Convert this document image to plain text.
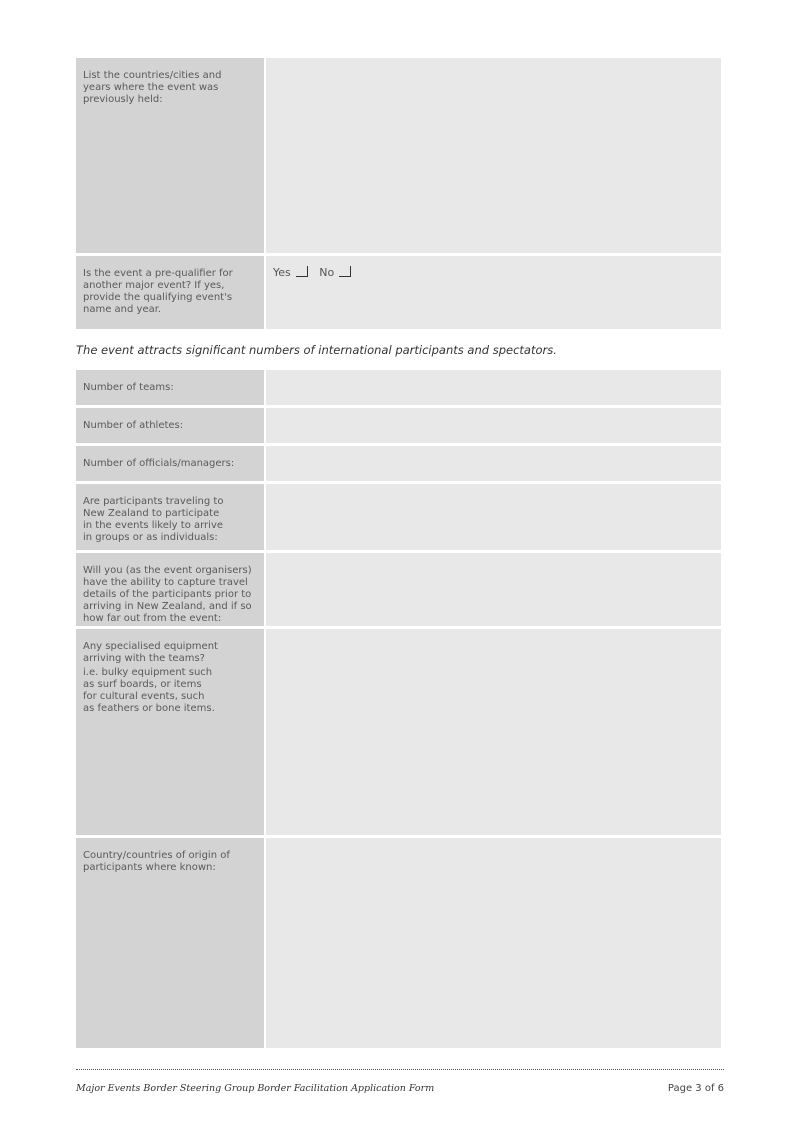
List the countries/cities and years where the event was previously held:

Is the event a pre-qualifier for another major event? If yes, provide the qualifying event's name and year.

Yes	No
The event attracts significant numbers of international participants and spectators.

Number of teams:

Number of athletes:

Number of officials/managers:

Are participants traveling to New Zealand to participate in the events likely to arrive in groups or as individuals:

Will you (as the event organisers) have the ability to capture travel details of the participants prior to arriving in New Zealand, and if so how far out from the event:

Any specialised equipment arriving with the teams?

i.e. bulky equipment such as surf boards, or items for cultural events, such as feathers or bone items.

Country/countries of origin of participants where known:

Major Events Border Steering Group Border Facilitation Application Form	Page 3 of 6
